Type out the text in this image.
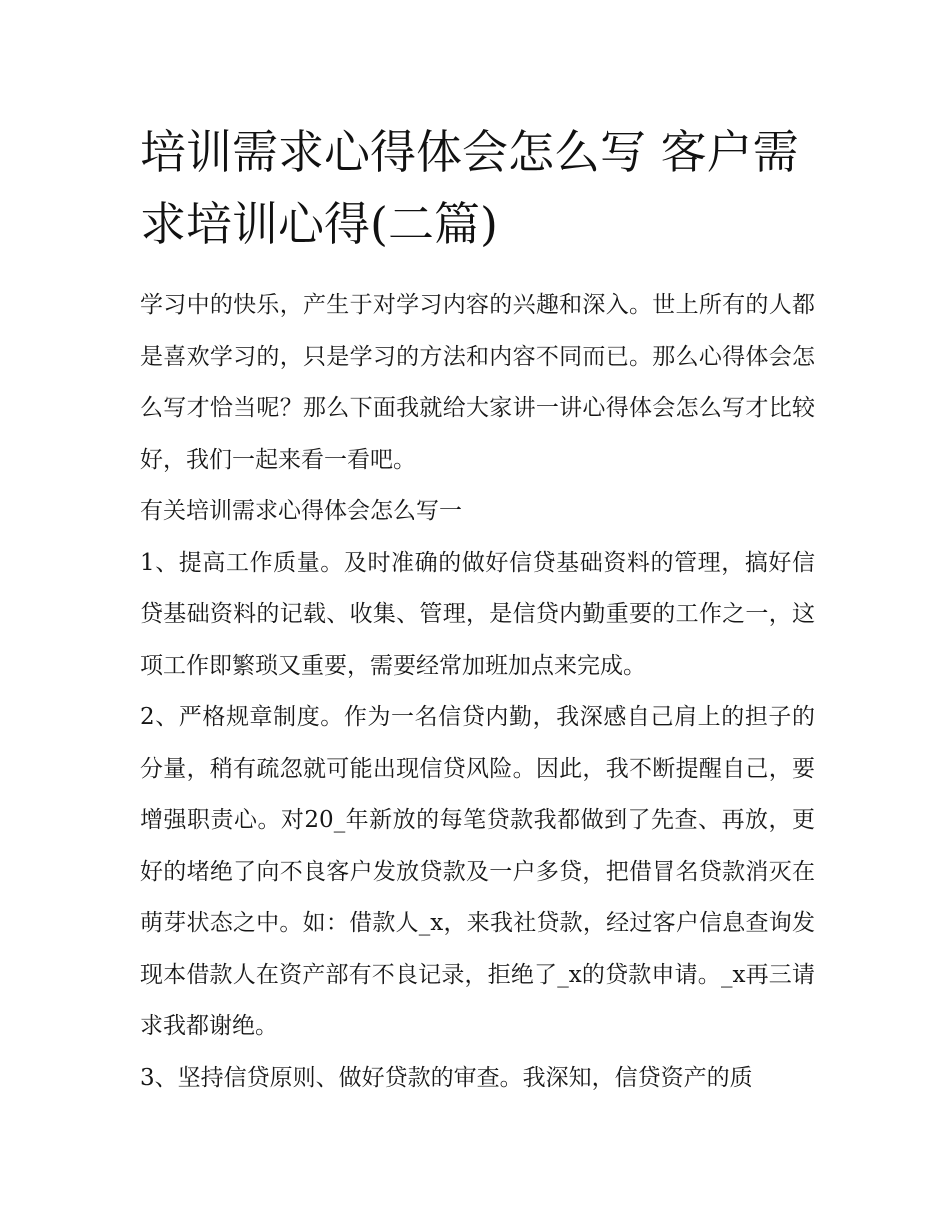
培训需求心得体会怎么写 客户需求培训心得(二篇)

学习中的快乐，产生于对学习内容的兴趣和深入。世上所有的人都是喜欢学习的，只是学习的方法和内容不同而已。那么心得体会怎么写才恰当呢？那么下面我就给大家讲一讲心得体会怎么写才比较好，我们一起来看一看吧。

有关培训需求心得体会怎么写一

1、提高工作质量。及时准确的做好信贷基础资料的管理，搞好信贷基础资料的记载、收集、管理，是信贷内勤重要的工作之一，这项工作即繁琐又重要，需要经常加班加点来完成。

2、严格规章制度。作为一名信贷内勤，我深感自己肩上的担子的分量，稍有疏忽就可能出现信贷风险。因此，我不断提醒自己，要增强职责心。对20_年新放的每笔贷款我都做到了先查、再放，更好的堵绝了向不良客户发放贷款及一户多贷，把借冒名贷款消灭在萌芽状态之中。如：借款人_x，来我社贷款，经过客户信息查询发现本借款人在资产部有不良记录，拒绝了_x的贷款申请。_x再三请求我都谢绝。

3、坚持信贷原则、做好贷款的审查。我深知，信贷资产的质
